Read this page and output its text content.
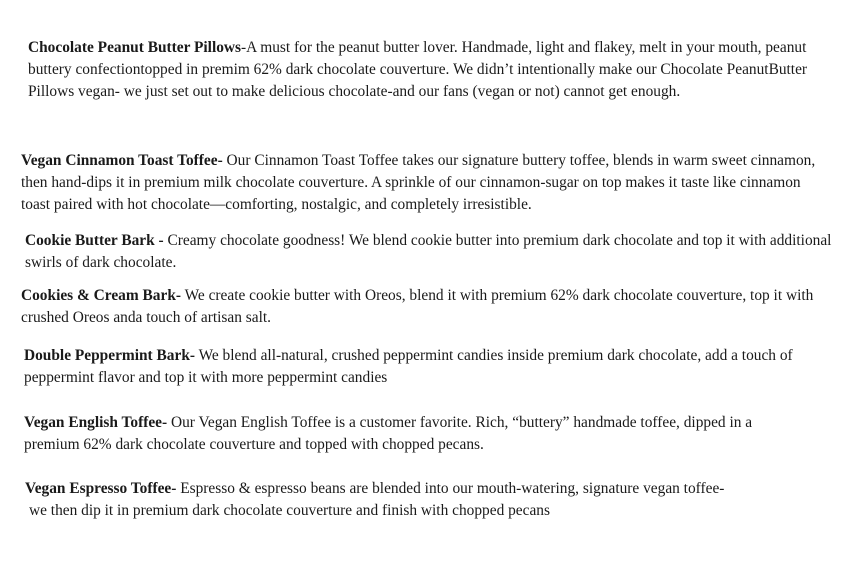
Chocolate Peanut Butter Pillows-A must for the peanut butter lover. Handmade, light and flakey, melt in your mouth, peanut buttery confectiontopped in premim 62% dark chocolate couverture. We didn’t intentionally make our Chocolate PeanutButter Pillows vegan- we just set out to make delicious chocolate-and our fans (vegan or not) cannot get enough.

Vegan Cinnamon Toast Toffee- Our Cinnamon Toast Toffee takes our signature buttery toffee, blends in warm sweet cinnamon, then hand-dips it in premium milk chocolate couverture. A sprinkle of our cinnamon-sugar on top makes it taste like cinnamon toast paired with hot chocolate—comforting, nostalgic, and completely irresistible.

Cookie Butter Bark - Creamy chocolate goodness! We blend cookie butter into premium dark chocolate and top it with additional swirls of dark chocolate.

Cookies & Cream Bark- We create cookie butter with Oreos, blend it with premium 62% dark chocolate couverture, top it with crushed Oreos anda touch of artisan salt.

Double Peppermint Bark- We blend all-natural, crushed peppermint candies inside premium dark chocolate, add a touch of peppermint flavor and top it with more peppermint candies

Vegan English Toffee- Our Vegan English Toffee is a customer favorite. Rich, “buttery” handmade toffee, dipped in a premium 62% dark chocolate couverture and topped with chopped pecans.

Vegan Espresso Toffee- Espresso & espresso beans are blended into our mouth-watering, signature vegan toffee-
we then dip it in premium dark chocolate couverture and finish with chopped pecans
